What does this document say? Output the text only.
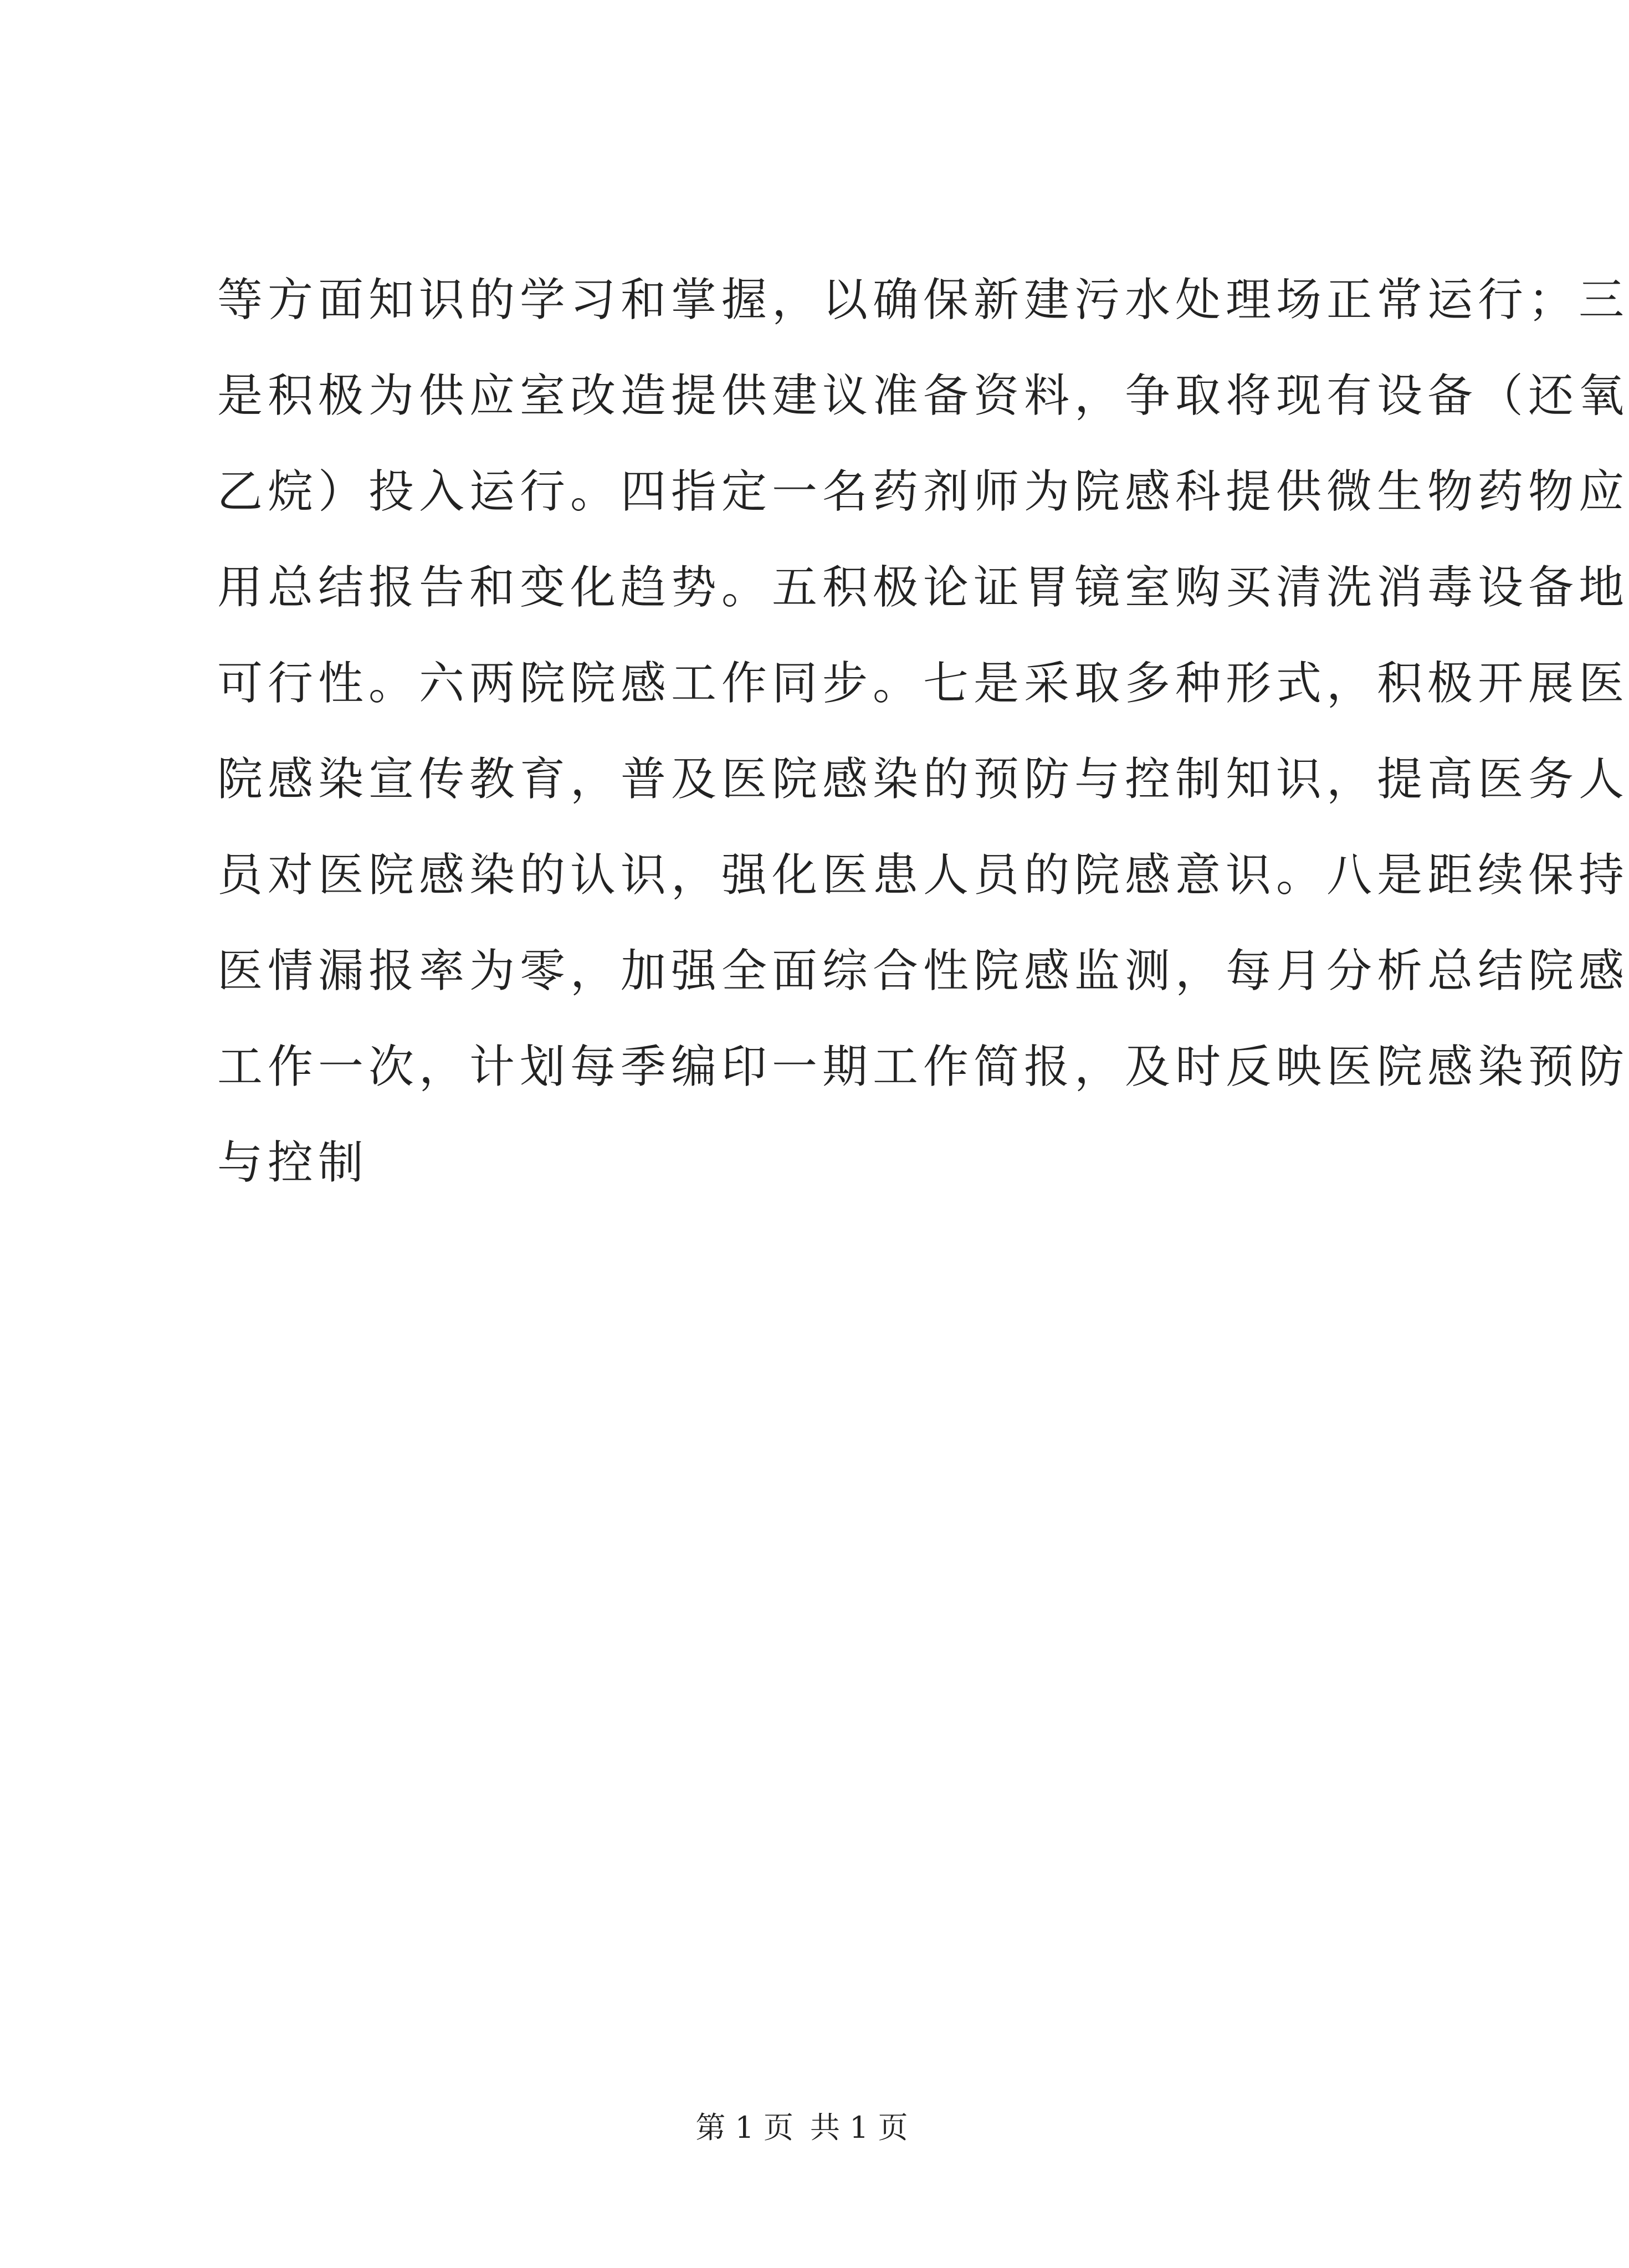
等方面知识的学习和掌握，以确保新建污水处理场正常运行；三
是积极为供应室改造提供建议准备资料，争取将现有设备（还氧
乙烷）投入运行。四指定一名药剂师为院感科提供微生物药物应
用总结报告和变化趋势。五积极论证胃镜室购买清洗消毒设备地
可行性。六两院院感工作同步。七是采取多种形式，积极开展医
院感染宣传教育，普及医院感染的预防与控制知识，提高医务人
员对医院感染的认识，强化医患人员的院感意识。八是距续保持
医情漏报率为零，加强全面综合性院感监测，每月分析总结院感
工作一次，计划每季编印一期工作简报，及时反映医院感染预防
与控制
第 1 页 共 1 页
